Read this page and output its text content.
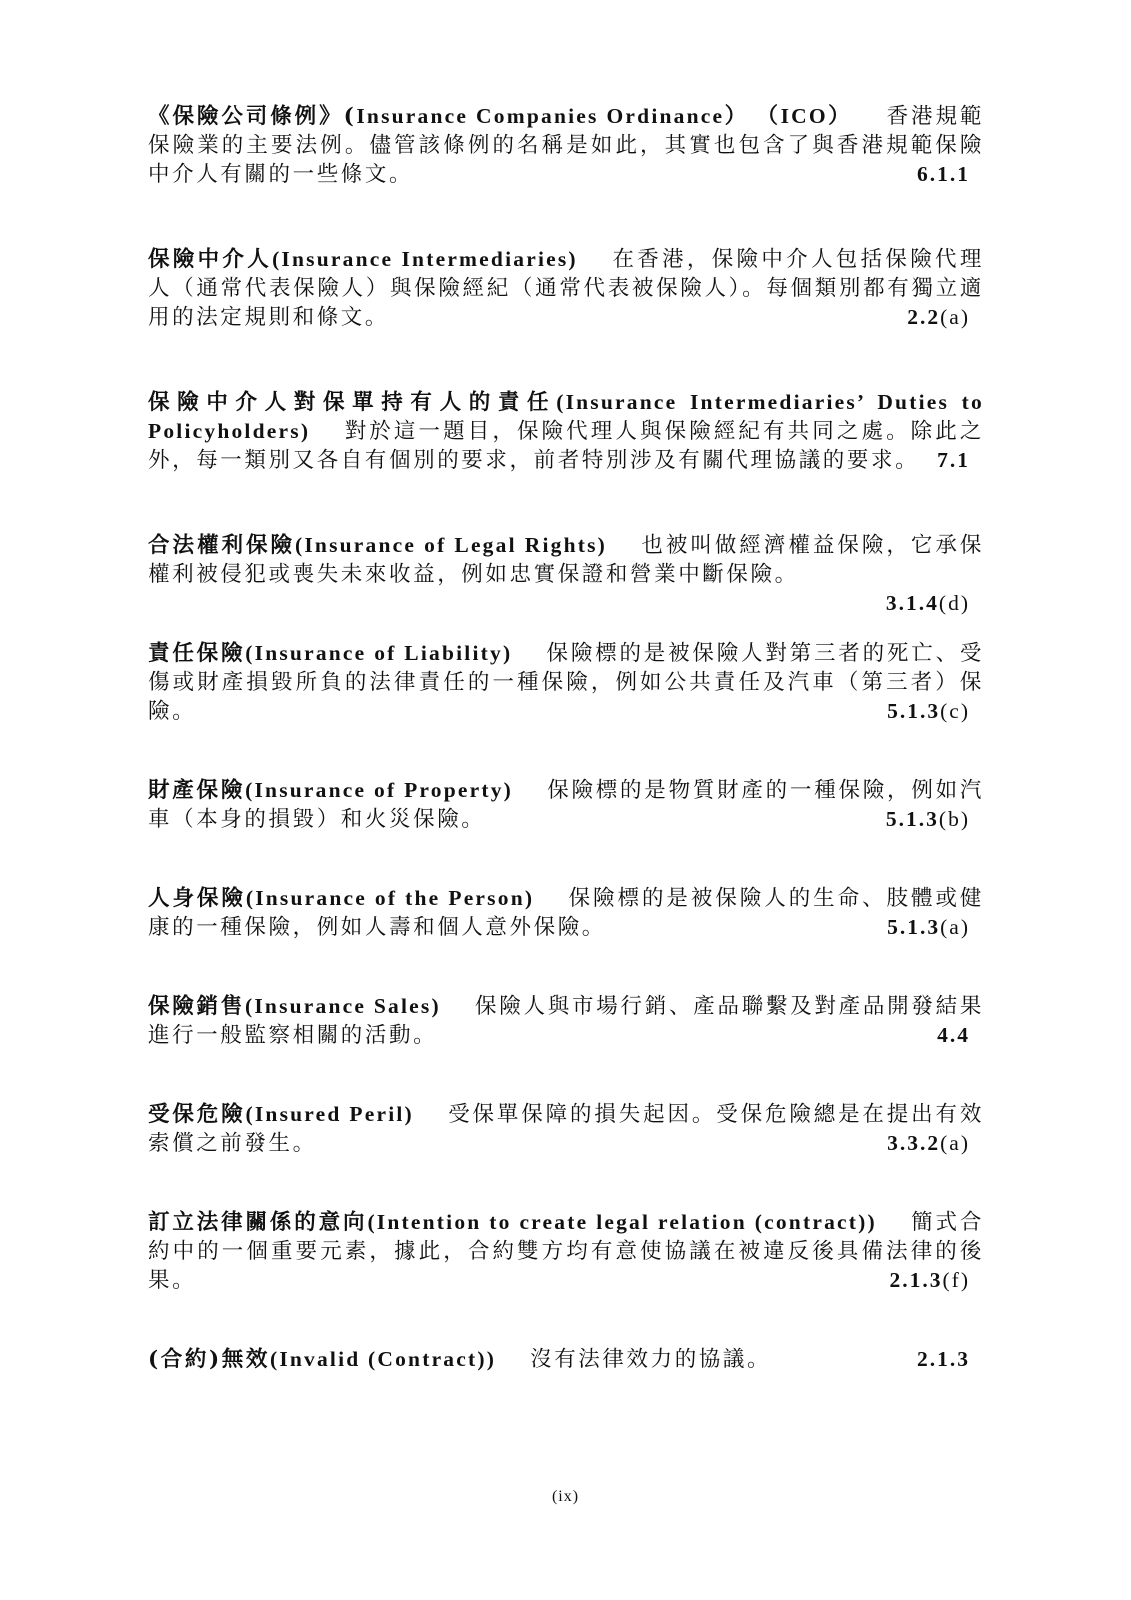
《保險公司條例》(Insurance Companies Ordinance） （ICO） 香港規範保險業的主要法例。儘管該條例的名稱是如此，其實也包含了與香港規範保險中介人有關的一些條文。	6.1.1
保險中介人(Insurance Intermediaries) 在香港，保險中介人包括保險代理人（通常代表保險人）與保險經紀（通常代表被保險人）。每個類別都有獨立適用的法定規則和條文。	2.2(a)
保險中介人對保單持有人的責任(Insurance Intermediaries’ Duties to Policyholders) 對於這一題目，保險代理人與保險經紀有共同之處。除此之外，每一類別又各自有個別的要求，前者特別涉及有關代理協議的要求。 7.1
合法權利保險(Insurance of Legal Rights) 也被叫做經濟權益保險，它承保權利被侵犯或喪失未來收益，例如忠實保證和營業中斷保險。
3.1.4(d)
責任保險(Insurance of Liability) 保險標的是被保險人對第三者的死亡、受傷或財產損毀所負的法律責任的一種保險，例如公共責任及汽車（第三者）保險。	5.1.3(c)
財產保險(Insurance of Property) 保險標的是物質財產的一種保險，例如汽車（本身的損毀）和火災保險。	5.1.3(b)
人身保險(Insurance of the Person) 保險標的是被保險人的生命、肢體或健康的一種保險，例如人壽和個人意外保險。	5.1.3(a)
保險銷售(Insurance Sales) 保險人與市場行銷、產品聯繫及對產品開發結果進行一般監察相關的活動。	4.4
受保危險(Insured Peril) 受保單保障的損失起因。受保危險總是在提出有效索償之前發生。	3.3.2(a)
訂立法律關係的意向(Intention to create legal relation (contract)) 簡式合約中的一個重要元素，據此，合約雙方均有意使協議在被違反後具備法律的後果。	2.1.3(f)
(合約)無效(Invalid (Contract)) 沒有法律效力的協議。	2.1.3
(ix)
